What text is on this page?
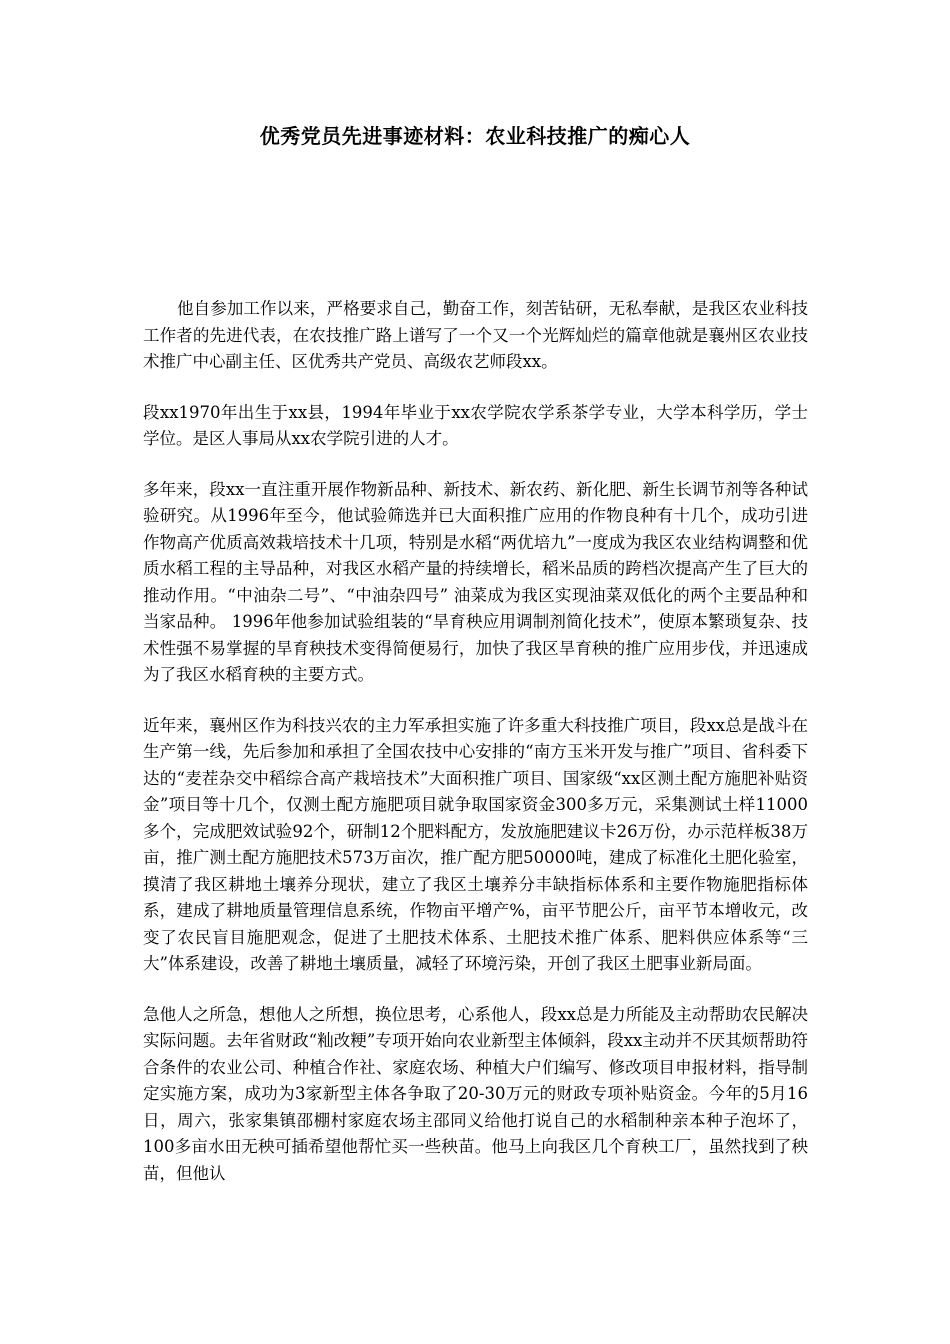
优秀党员先进事迹材料：农业科技推广的痴心人

他自参加工作以来，严格要求自己，勤奋工作，刻苦钻研，无私奉献，是我区农业科技工作者的先进代表，在农技推广路上谱写了一个又一个光辉灿烂的篇章他就是襄州区农业技术推广中心副主任、区优秀共产党员、高级农艺师段xx。

段xx1970年出生于xx县，1994年毕业于xx农学院农学系茶学专业，大学本科学历，学士学位。是区人事局从xx农学院引进的人才。

多年来，段xx一直注重开展作物新品种、新技术、新农药、新化肥、新生长调节剂等各种试验研究。从1996年至今，他试验筛选并已大面积推广应用的作物良种有十几个，成功引进作物高产优质高效栽培技术十几项，特别是水稻“两优培九”一度成为我区农业结构调整和优质水稻工程的主导品种，对我区水稻产量的持续增长，稻米品质的跨档次提高产生了巨大的推动作用。“中油杂二号”、“中油杂四号” 油菜成为我区实现油菜双低化的两个主要品种和当家品种。 1996年他参加试验组装的“旱育秧应用调制剂简化技术”，使原本繁琐复杂、技术性强不易掌握的旱育秧技术变得简便易行，加快了我区旱育秧的推广应用步伐，并迅速成为了我区水稻育秧的主要方式。

近年来，襄州区作为科技兴农的主力军承担实施了许多重大科技推广项目，段xx总是战斗在生产第一线，先后参加和承担了全国农技中心安排的“南方玉米开发与推广”项目、省科委下达的“麦茬杂交中稻综合高产栽培技术”大面积推广项目、国家级“xx区测土配方施肥补贴资金”项目等十几个，仅测土配方施肥项目就争取国家资金300多万元，采集测试土样11000多个，完成肥效试验92个，研制12个肥料配方，发放施肥建议卡26万份，办示范样板38万亩，推广测土配方施肥技术573万亩次，推广配方肥50000吨，建成了标准化土肥化验室，摸清了我区耕地土壤养分现状，建立了我区土壤养分丰缺指标体系和主要作物施肥指标体系，建成了耕地质量管理信息系统，作物亩平增产%，亩平节肥公斤，亩平节本增收元，改变了农民盲目施肥观念，促进了土肥技术体系、土肥技术推广体系、肥料供应体系等“三大”体系建设，改善了耕地土壤质量，减轻了环境污染，开创了我区土肥事业新局面。

急他人之所急，想他人之所想，换位思考，心系他人，段xx总是力所能及主动帮助农民解决实际问题。去年省财政“籼改粳”专项开始向农业新型主体倾斜，段xx主动并不厌其烦帮助符合条件的农业公司、种植合作社、家庭农场、种植大户们编写、修改项目申报材料，指导制定实施方案，成功为3家新型主体各争取了20-30万元的财政专项补贴资金。今年的5月16日，周六，张家集镇邵棚村家庭农场主邵同义给他打说自己的水稻制种亲本种子泡坏了，100多亩水田无秧可插希望他帮忙买一些秧苗。他马上向我区几个育秧工厂，虽然找到了秧苗，但他认
